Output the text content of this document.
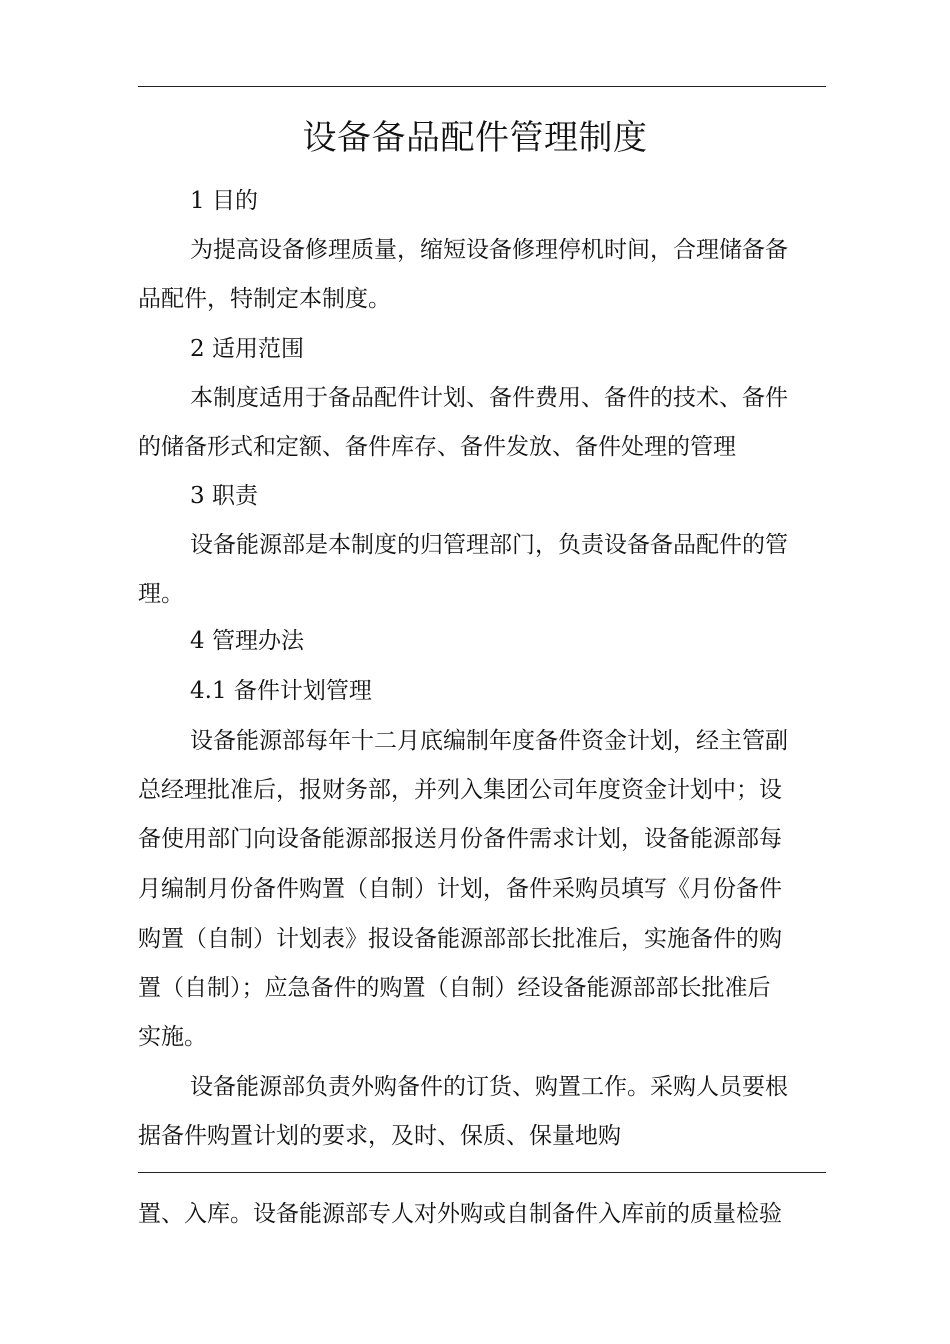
设备备品配件管理制度
1 目的
为提高设备修理质量，缩短设备修理停机时间，合理储备备
品配件，特制定本制度。
2 适用范围
本制度适用于备品配件计划、备件费用、备件的技术、备件
的储备形式和定额、备件库存、备件发放、备件处理的管理
3 职责
设备能源部是本制度的归管理部门，负责设备备品配件的管
理。
4 管理办法
4.1 备件计划管理
设备能源部每年十二月底编制年度备件资金计划，经主管副
总经理批准后，报财务部，并列入集团公司年度资金计划中；设
备使用部门向设备能源部报送月份备件需求计划，设备能源部每
月编制月份备件购置（自制）计划，备件采购员填写《月份备件
购置（自制）计划表》报设备能源部部长批准后，实施备件的购
置（自制）；应急备件的购置（自制）经设备能源部部长批准后
实施。
设备能源部负责外购备件的订货、购置工作。采购人员要根
据备件购置计划的要求，及时、保质、保量地购
置、入库。设备能源部专人对外购或自制备件入库前的质量检验
